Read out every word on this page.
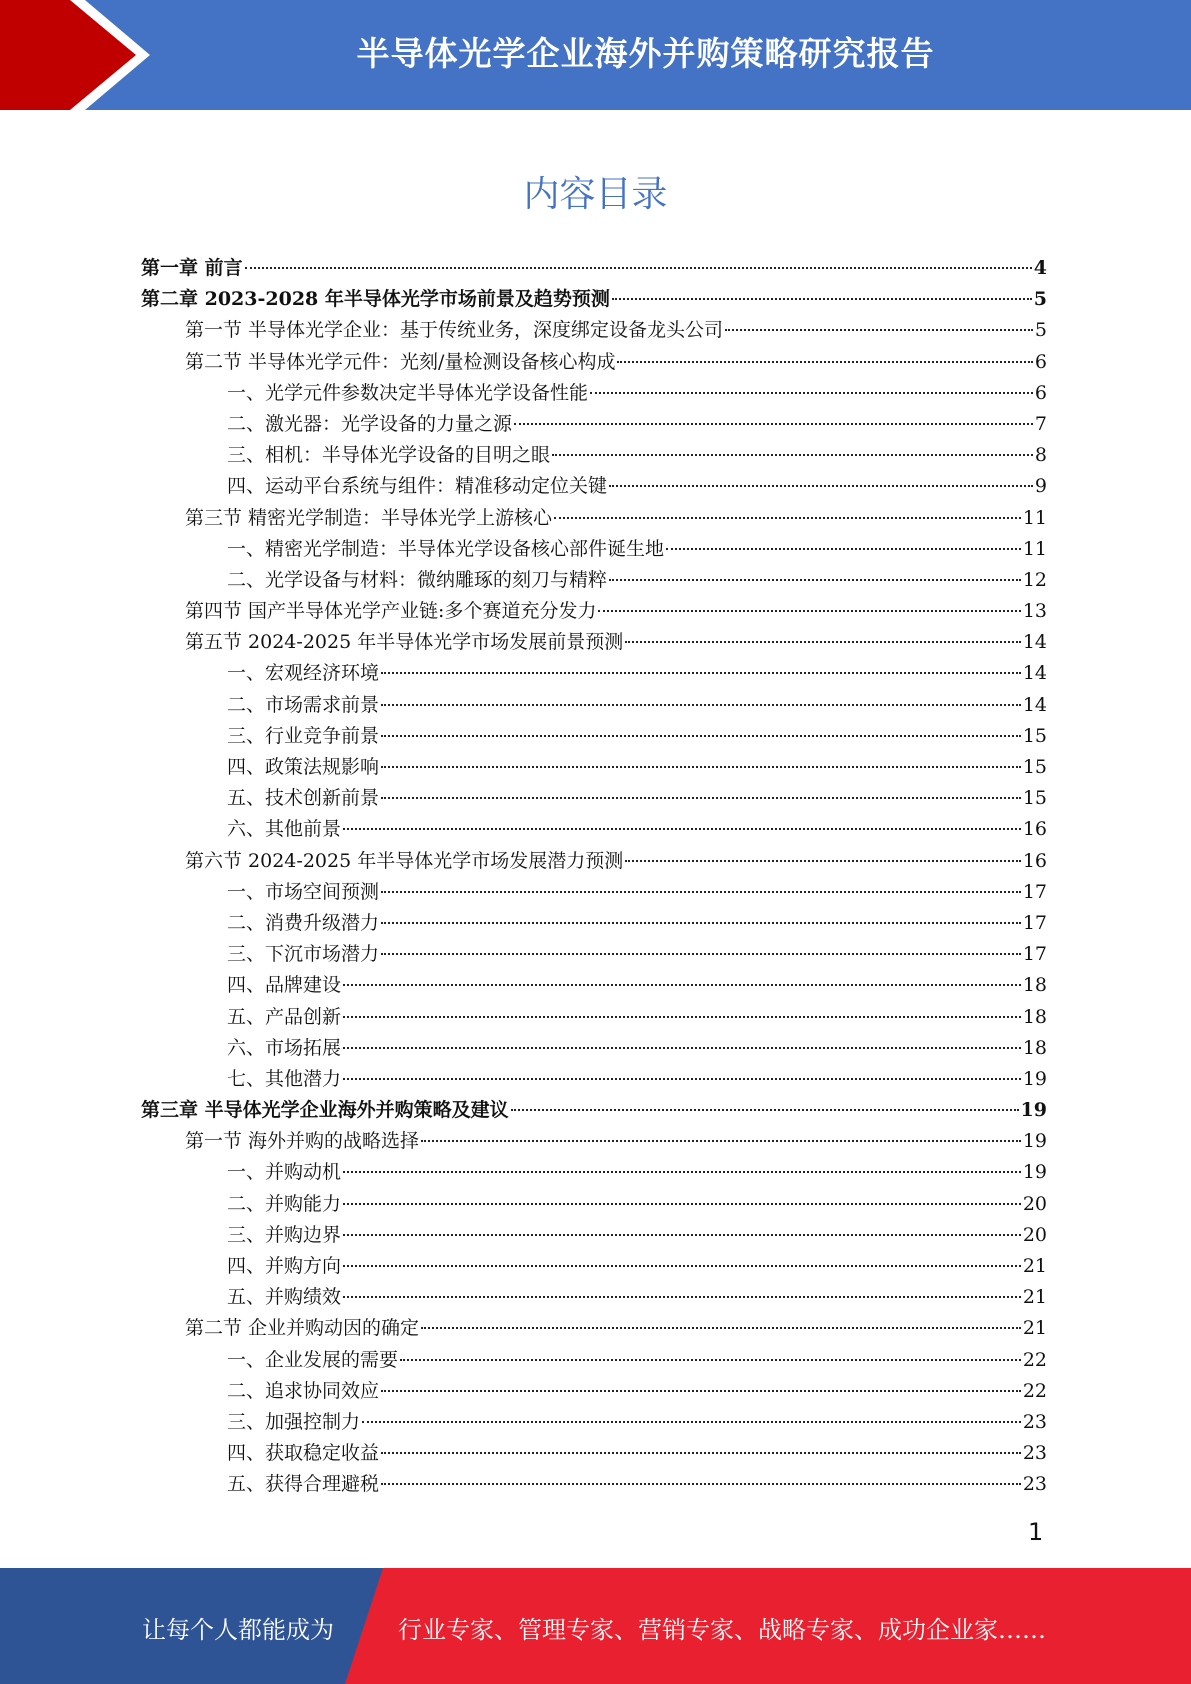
半导体光学企业海外并购策略研究报告
内容目录
第一章 前言	4
第二章 2023-2028 年半导体光学市场前景及趋势预测	5
第一节 半导体光学企业：基于传统业务，深度绑定设备龙头公司	5
第二节 半导体光学元件：光刻/量检测设备核心构成	6
一、光学元件参数决定半导体光学设备性能	6
二、激光器：光学设备的力量之源	7
三、相机：半导体光学设备的目明之眼	8
四、运动平台系统与组件：精准移动定位关键	9
第三节 精密光学制造：半导体光学上游核心	11
一、精密光学制造：半导体光学设备核心部件诞生地	11
二、光学设备与材料：微纳雕琢的刻刀与精粹	12
第四节 国产半导体光学产业链:多个赛道充分发力	13
第五节 2024-2025 年半导体光学市场发展前景预测	14
一、宏观经济环境	14
二、市场需求前景	14
三、行业竞争前景	15
四、政策法规影响	15
五、技术创新前景	15
六、其他前景	16
第六节 2024-2025 年半导体光学市场发展潜力预测	16
一、市场空间预测	17
二、消费升级潜力	17
三、下沉市场潜力	17
四、品牌建设	18
五、产品创新	18
六、市场拓展	18
七、其他潜力	19
第三章 半导体光学企业海外并购策略及建议	19
第一节 海外并购的战略选择	19
一、并购动机	19
二、并购能力	20
三、并购边界	20
四、并购方向	21
五、并购绩效	21
第二节 企业并购动因的确定	21
一、企业发展的需要	22
二、追求协同效应	22
三、加强控制力	23
四、获取稳定收益	23
五、获得合理避税	23
1
让每个人都能成为	行业专家、管理专家、营销专家、战略专家、成功企业家……
